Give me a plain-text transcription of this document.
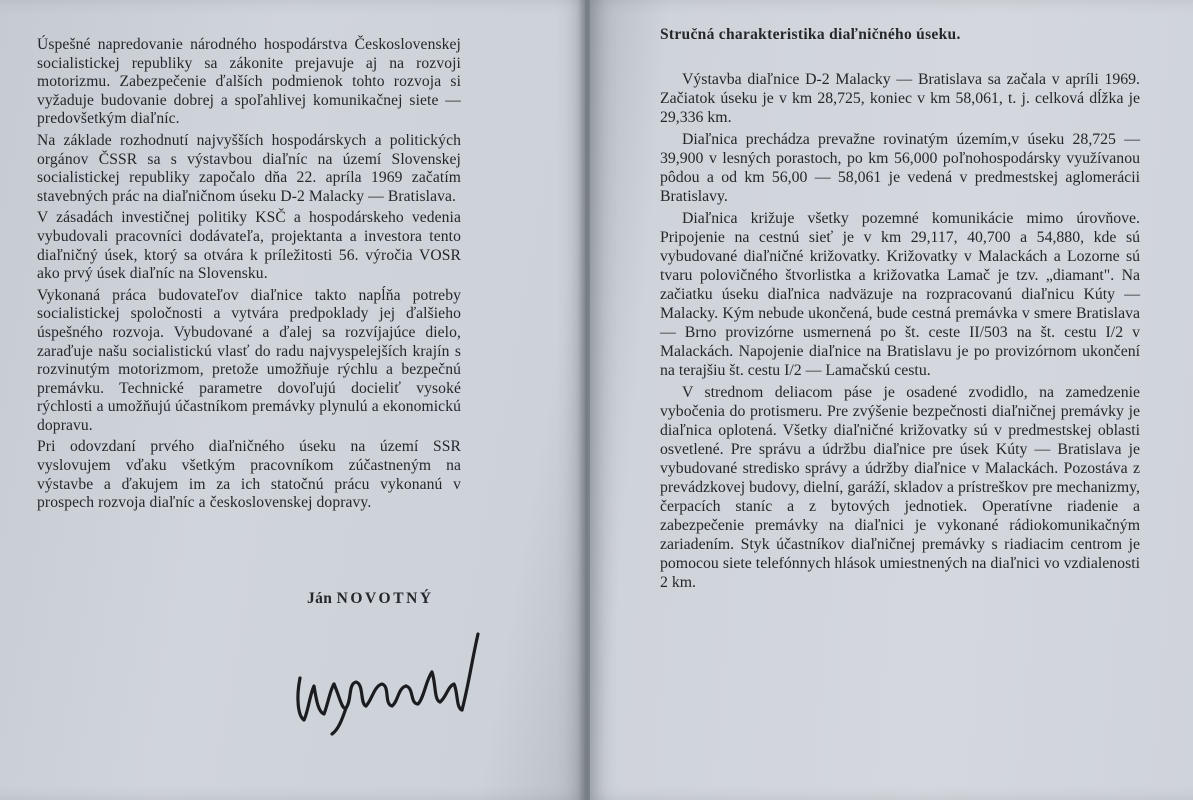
Úspešné napredovanie národného hospodárstva Československej socialistickej republiky sa zákonite prejavuje aj na rozvoji motorizmu. Zabezpečenie ďalších podmienok tohto rozvoja si vyžaduje budovanie dobrej a spoľahlivej komunikačnej siete — predovšetkým diaľníc.

Na základe rozhodnutí najvyšších hospodárskych a politických orgánov ČSSR sa s výstavbou diaľníc na území Slovenskej socialistickej republiky započalo dňa 22. apríla 1969 začatím stavebných prác na diaľničnom úseku D-2 Malacky — Bratislava.

V zásadách investičnej politiky KSČ a hospodárskeho vedenia vybudovali pracovníci dodávateľa, projektanta a investora tento diaľničný úsek, ktorý sa otvára k príležitosti 56. výročia VOSR ako prvý úsek diaľníc na Slovensku.

Vykonaná práca budovateľov diaľnice takto napĺňa potreby socialistickej spoločnosti a vytvára predpoklady jej ďalšieho úspešného rozvoja. Vybudované a ďalej sa rozvíjajúce dielo, zaraďuje našu socialistickú vlasť do radu najvyspelejších krajín s rozvinutým motorizmom, pretože umožňuje rýchlu a bezpečnú premávku. Technické parametre dovoľujú docieliť vysoké rýchlosti a umožňujú účastníkom premávky plynulú a ekonomickú dopravu.

Pri odovzdaní prvého diaľničného úseku na území SSR vyslovujem vďaku všetkým pracovníkom zúčastneným na výstavbe a ďakujem im za ich statočnú prácu vykonanú v prospech rozvoja diaľníc a československej dopravy.

Ján NOVOTNÝ
Stručná charakteristika diaľničného úseku.

Výstavba diaľnice D-2 Malacky — Bratislava sa začala v apríli 1969. Začiatok úseku je v km 28,725, koniec v km 58,061, t. j. celková dĺžka je 29,336 km.

Diaľnica prechádza prevažne rovinatým územím,v úseku 28,725 — 39,900 v lesných porastoch, po km 56,000 poľnohospodársky využívanou pôdou a od km 56,00 — 58,061 je vedená v predmestskej aglomerácii Bratislavy.

Diaľnica križuje všetky pozemné komunikácie mimo úrovňove. Pripojenie na cestnú sieť je v km 29,117, 40,700 a 54,880, kde sú vybudované diaľničné križovatky. Križovatky v Malackách a Lozorne sú tvaru polovičného štvorlistka a križovatka Lamač je tzv. „diamant". Na začiatku úseku diaľnica nadväzuje na rozpracovanú diaľnicu Kúty — Malacky. Kým nebude ukončená, bude cestná premávka v smere Bratislava — Brno provizórne usmernená po št. ceste II/503 na št. cestu I/2 v Malackách. Napojenie diaľnice na Bratislavu je po provizórnom ukončení na terajšiu št. cestu I/2 — Lamačskú cestu.

V strednom deliacom páse je osadené zvodidlo, na zamedzenie vybočenia do protismeru. Pre zvýšenie bezpečnosti diaľničnej premávky je diaľnica oplotená. Všetky diaľničné križovatky sú v predmestskej oblasti osvetlené. Pre správu a údržbu diaľnice pre úsek Kúty — Bratislava je vybudované stredisko správy a údržby diaľnice v Malackách. Pozostáva z prevádzkovej budovy, dielní, garáží, skladov a prístreškov pre mechanizmy, čerpacích staníc a z bytových jednotiek. Operatívne riadenie a zabezpečenie premávky na diaľnici je vykonané rádiokomunikačným zariadením. Styk účastníkov diaľničnej premávky s riadiacim centrom je pomocou siete telefónnych hlások umiestnených na diaľnici vo vzdialenosti 2 km.
